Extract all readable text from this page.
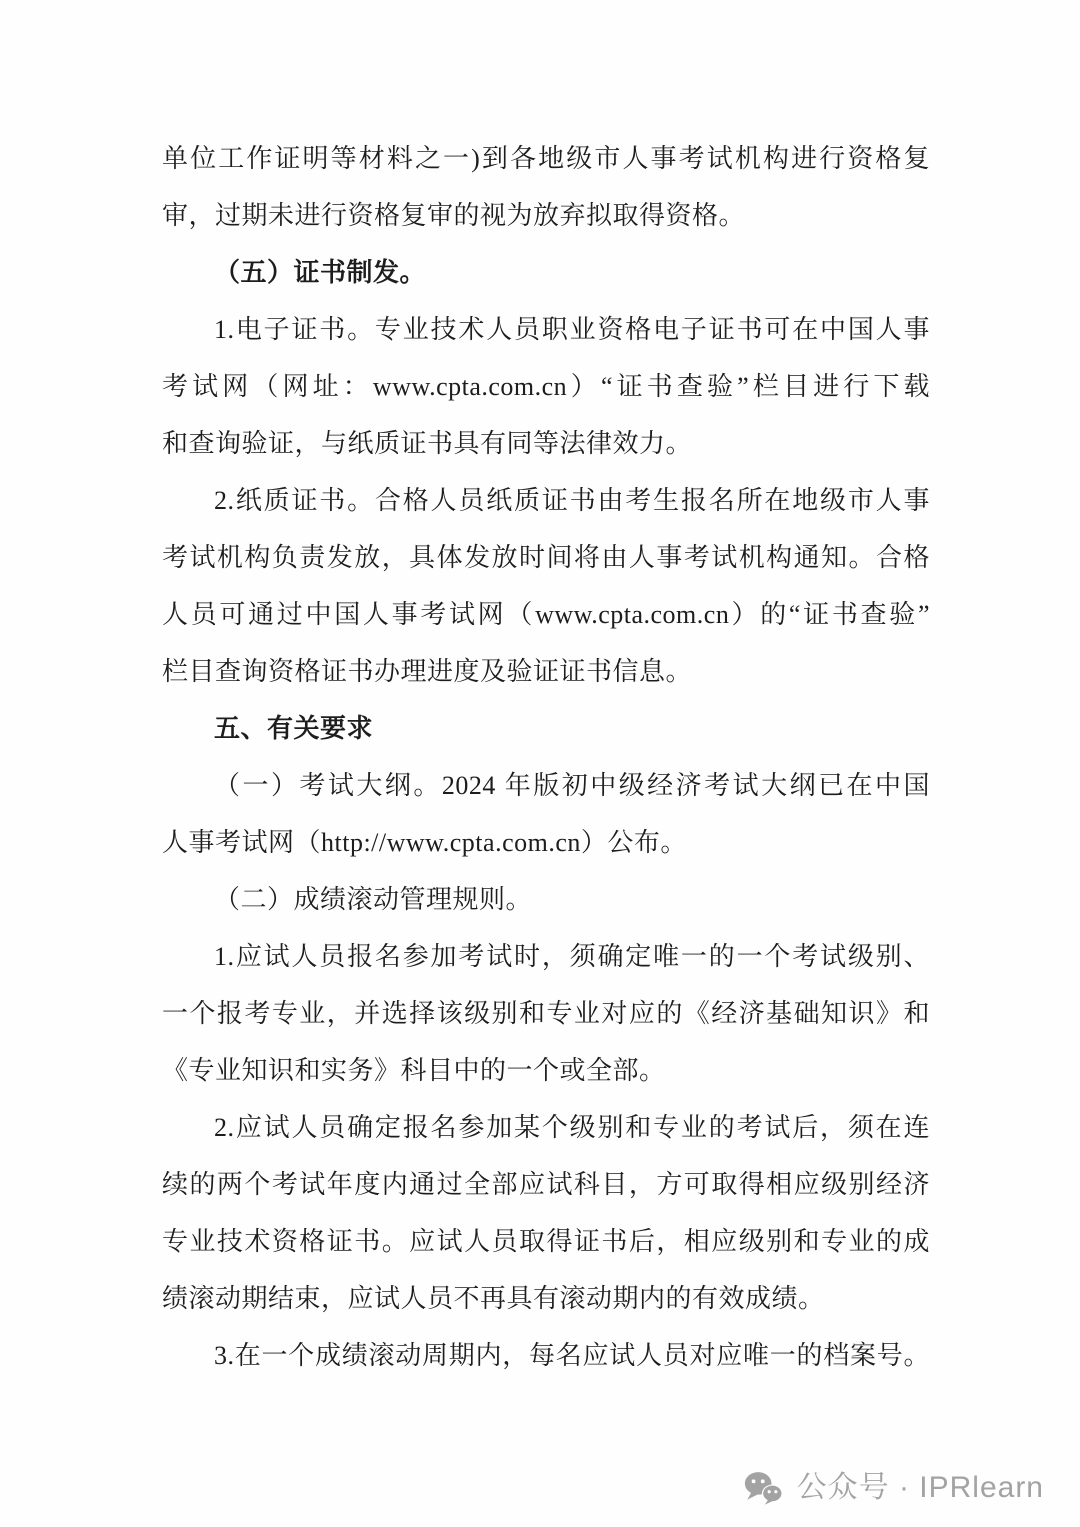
单位工作证明等材料之一)到各地级市人事考试机构进行资格复
审，过期未进行资格复审的视为放弃拟取得资格。
（五）证书制发。
1.电子证书。专业技术人员职业资格电子证书可在中国人事
考试网（网址：www.cpta.com.cn）“证书查验”栏目进行下载
和查询验证，与纸质证书具有同等法律效力。
2.纸质证书。合格人员纸质证书由考生报名所在地级市人事
考试机构负责发放，具体发放时间将由人事考试机构通知。合格
人员可通过中国人事考试网（www.cpta.com.cn）的“证书查验”
栏目查询资格证书办理进度及验证证书信息。
五、有关要求
（一）考试大纲。2024 年版初中级经济考试大纲已在中国
人事考试网（http://www.cpta.com.cn）公布。
（二）成绩滚动管理规则。
1.应试人员报名参加考试时，须确定唯一的一个考试级别、
一个报考专业，并选择该级别和专业对应的《经济基础知识》和
《专业知识和实务》科目中的一个或全部。
2.应试人员确定报名参加某个级别和专业的考试后，须在连
续的两个考试年度内通过全部应试科目，方可取得相应级别经济
专业技术资格证书。应试人员取得证书后，相应级别和专业的成
绩滚动期结束，应试人员不再具有滚动期内的有效成绩。
3.在一个成绩滚动周期内，每名应试人员对应唯一的档案号。
公众号 · IPRlearn
